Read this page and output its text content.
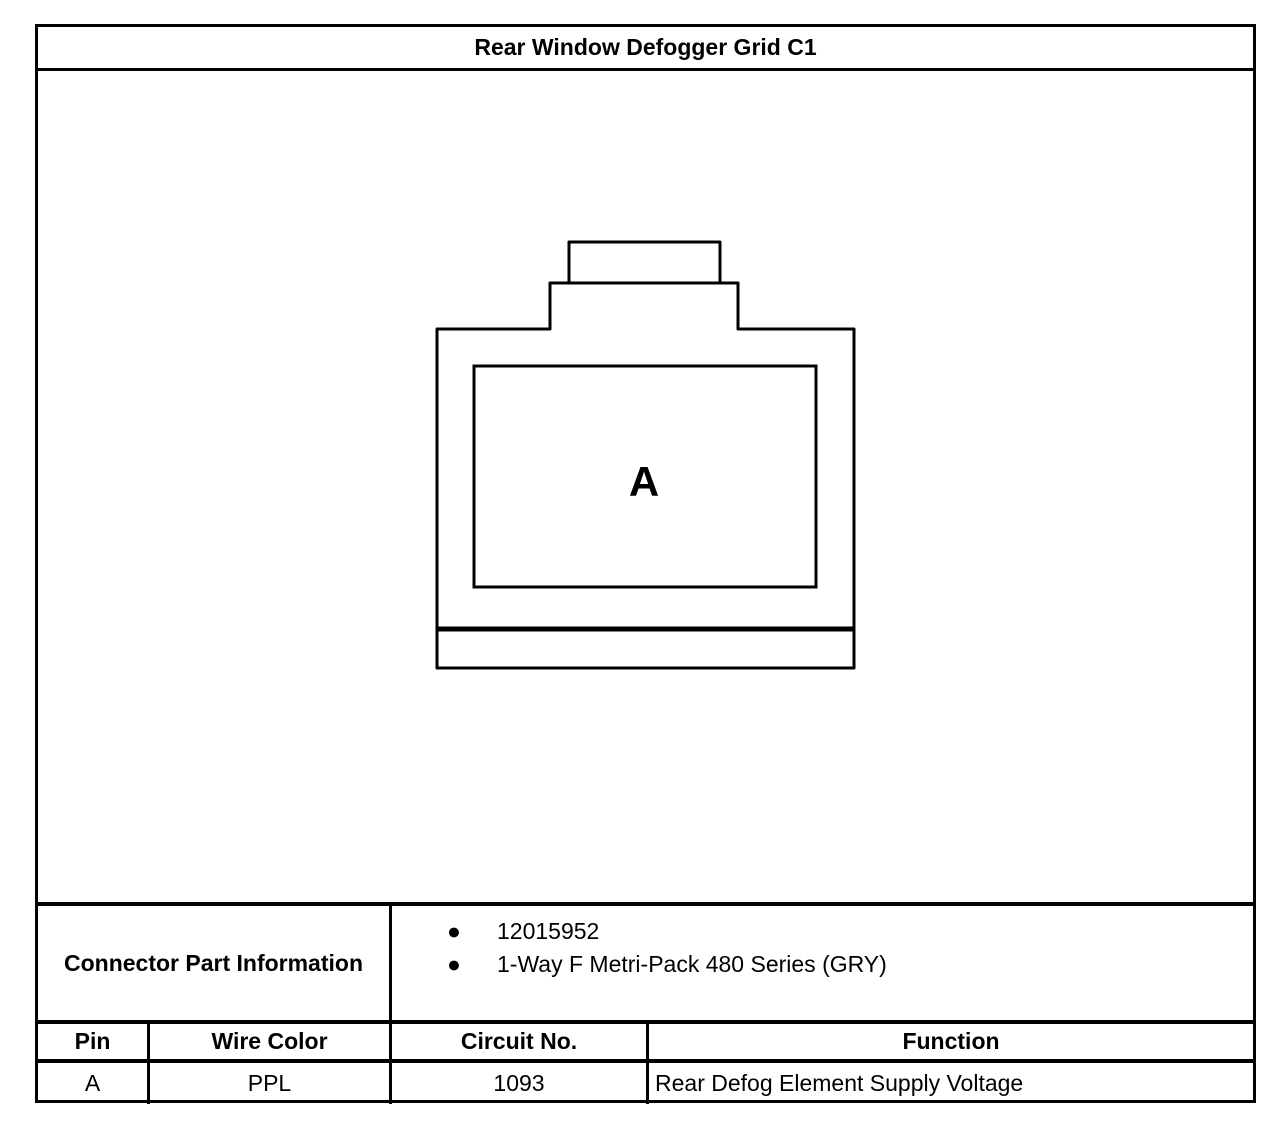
Rear Window Defogger Grid C1
A
Connector Part Information
● 12015952
● 1-Way F Metri-Pack 480 Series (GRY)
Pin	Wire Color	Circuit No.	Function
A	PPL	1093	Rear Defog Element Supply Voltage
